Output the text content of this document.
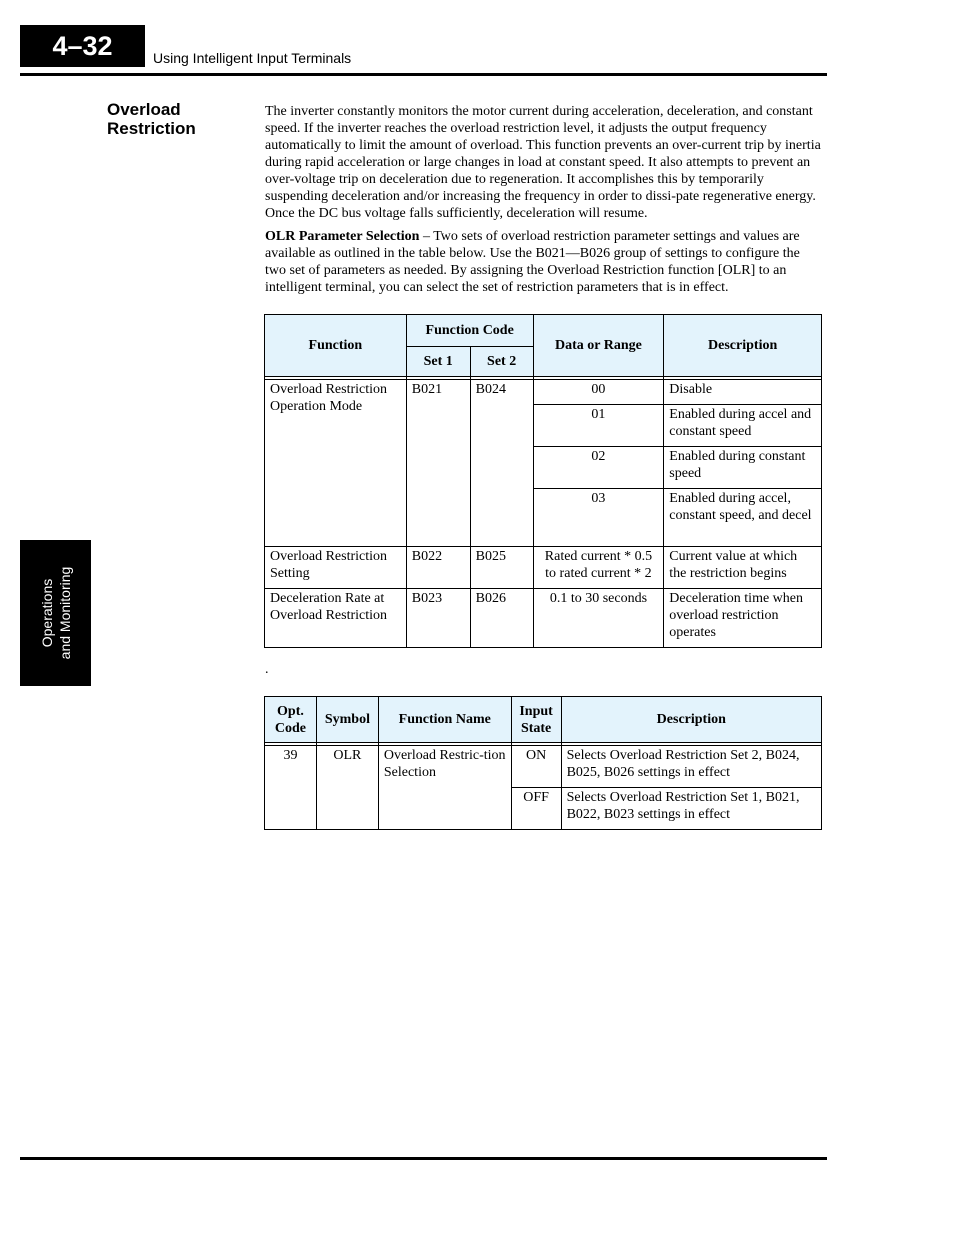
4–32	Using Intelligent Input Terminals
Operations and Monitoring
Overload
Restriction
The inverter constantly monitors the motor current during acceleration, deceleration, and constant speed. If the inverter reaches the overload restriction level, it adjusts the output frequency automatically to limit the amount of overload. This function prevents an over-current trip by inertia during rapid acceleration or large changes in load at constant speed. It also attempts to prevent an over-voltage trip on deceleration due to regeneration. It accomplishes this by temporarily suspending deceleration and/or increasing the frequency in order to dissi-pate regenerative energy. Once the DC bus voltage falls sufficiently, deceleration will resume.
OLR Parameter Selection – Two sets of overload restriction parameter settings and values are available as outlined in the table below. Use the B021—B026 group of settings to configure the two set of parameters as needed. By assigning the Overload Restriction function [OLR] to an intelligent terminal, you can select the set of restriction parameters that is in effect.
Function	Function Code		Data or Range	Description
	Set 1	Set 2		

Overload Restriction Operation Mode	B021	B024	00	Disable
			01	Enabled during accel and constant speed
			02	Enabled during constant speed
			03	Enabled during accel, constant speed, and decel
Overload Restriction Setting	B022	B025	Rated current * 0.5 to rated current * 2	Current value at which the restriction begins
Deceleration Rate at Overload Restriction	B023	B026	0.1 to 30 seconds	Deceleration time when overload restriction operates
.
Opt. Code	Symbol	Function Name	Input State	Description

39	OLR	Overload Restric-tion Selection	ON	Selects Overload Restriction Set 2, B024, B025, B026 settings in effect
			OFF	Selects Overload Restriction Set 1, B021, B022, B023 settings in effect
